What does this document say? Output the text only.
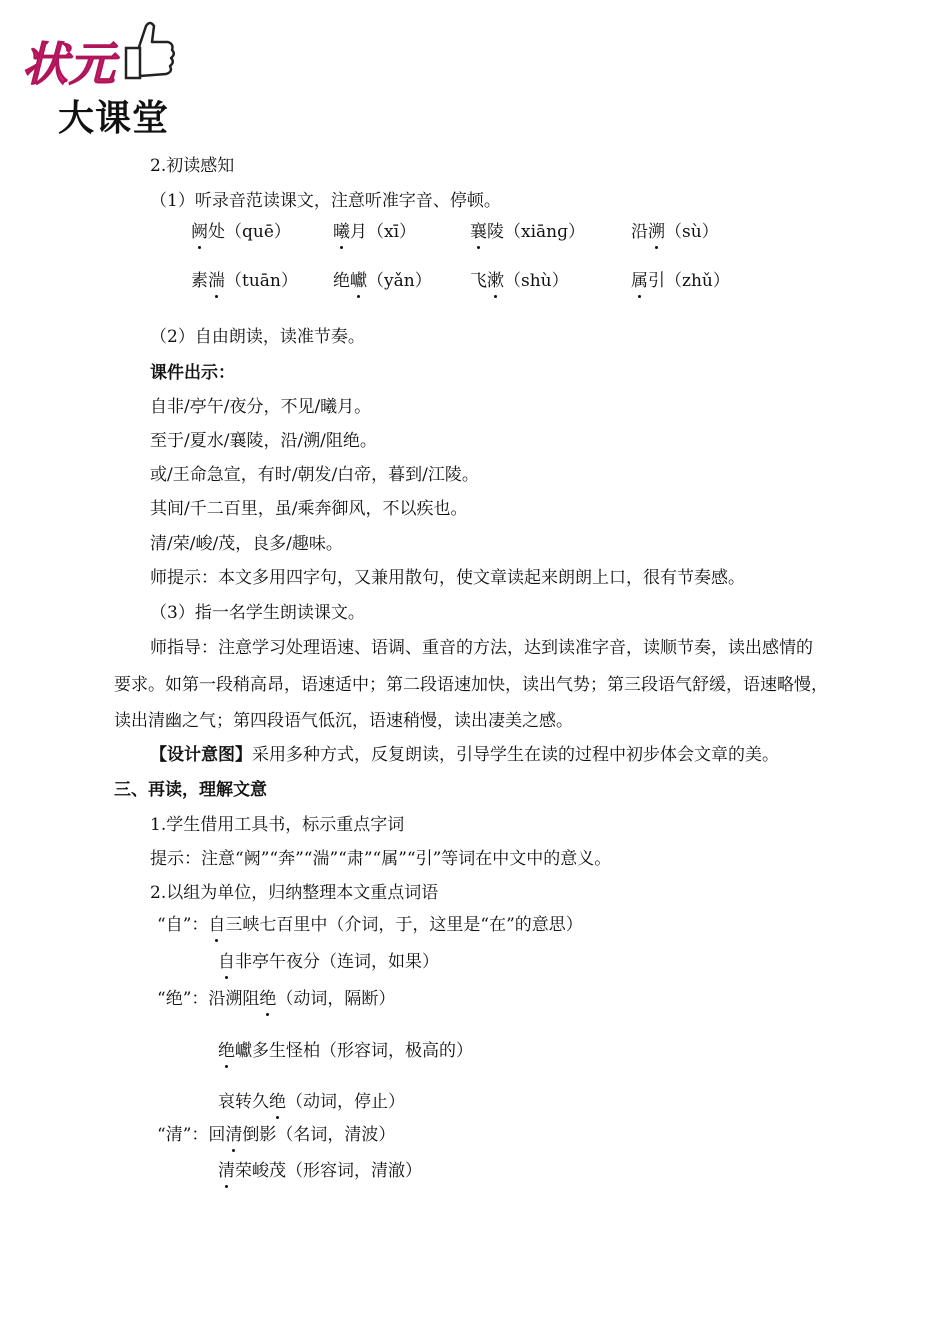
状元
大课堂
2.初读感知
（1）听录音范读课文，注意听准字音、停顿。
阙处（quē） 曦月（xī）	襄陵（xiānɡ）	沿溯（sù）
素湍（tuān） 绝巘（yǎn） 飞漱（shù）	属引（zhǔ）
（2）自由朗读，读准节奏。
课件出示：
自非/亭午/夜分，不见/曦月。
至于/夏水/襄陵，沿/溯/阻绝。
或/王命急宣，有时/朝发/白帝，暮到/江陵。
其间/千二百里，虽/乘奔御风，不以疾也。
清/荣/峻/茂，良多/趣味。
师提示：本文多用四字句，又兼用散句，使文章读起来朗朗上口，很有节奏感。
（3）指一名学生朗读课文。
师指导：注意学习处理语速、语调、重音的方法，达到读准字音，读顺节奏，读出感情的
要求。如第一段稍高昂，语速适中；第二段语速加快，读出气势；第三段语气舒缓，语速略慢，
读出清幽之气；第四段语气低沉，语速稍慢，读出凄美之感。
【设计意图】采用多种方式，反复朗读，引导学生在读的过程中初步体会文章的美。
三、再读，理解文意
1.学生借用工具书，标示重点字词
提示：注意“阙”“奔”“湍”“肃”“属”“引”等词在中文中的意义。
2.以组为单位，归纳整理本文重点词语
“自”：自三峡七百里中（介词，于，这里是“在”的意思）
自非亭午夜分（连词，如果）
“绝”：沿溯阻绝（动词，隔断）
绝巘多生怪柏（形容词，极高的）
哀转久绝（动词，停止）
“清”：回清倒影（名词，清波）
清荣峻茂（形容词，清澈）
